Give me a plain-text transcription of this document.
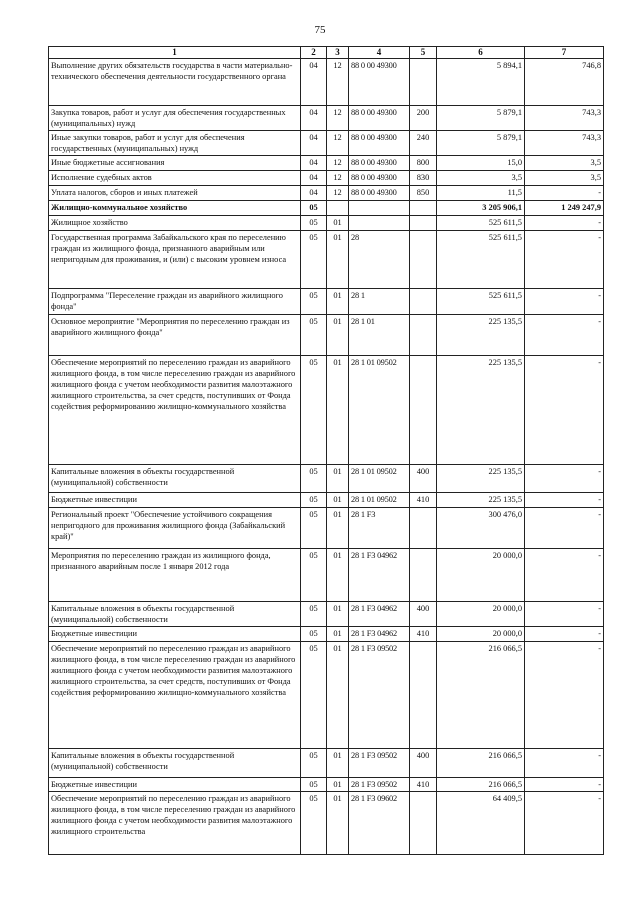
75
1	2	3	4	5	6	7
Выполнение других обязательств государства в части материально-технического обеспечения деятельности государственного органа	04	12	88 0 00 49300		5 894,1	746,8
Закупка товаров, работ и услуг для обеспечения государственных (муниципальных) нужд	04	12	88 0 00 49300	200	5 879,1	743,3
Иные закупки товаров, работ и услуг для обеспечения государственных (муниципальных) нужд	04	12	88 0 00 49300	240	5 879,1	743,3
Иные бюджетные ассигнования	04	12	88 0 00 49300	800	15,0	3,5
Исполнение судебных актов	04	12	88 0 00 49300	830	3,5	3,5
Уплата налогов, сборов и иных платежей	04	12	88 0 00 49300	850	11,5	-
Жилищно-коммунальное хозяйство	05				3 205 906,1	1 249 247,9
Жилищное хозяйство	05	01			525 611,5	-
Государственная программа Забайкальского края по переселению граждан из жилищного фонда, признанного аварийным или непригодным для проживания, и (или) с высоким уровнем износа	05	01	28		525 611,5	-
Подпрограмма "Переселение граждан из аварийного жилищного фонда"	05	01	28 1		525 611,5	-
Основное мероприятие "Мероприятия по переселению граждан из аварийного жилищного фонда"	05	01	28 1 01		225 135,5	-
Обеспечение мероприятий по переселению граждан из аварийного жилищного фонда, в том числе переселению граждан из аварийного жилищного фонда с учетом необходимости развития малоэтажного жилищного строительства, за счет средств, поступивших от Фонда содействия реформированию жилищно-коммунального хозяйства	05	01	28 1 01 09502		225 135,5	-
Капитальные вложения в объекты государственной (муниципальной) собственности	05	01	28 1 01 09502	400	225 135,5	-
Бюджетные инвестиции	05	01	28 1 01 09502	410	225 135,5	-
Региональный проект "Обеспечение устойчивого сокращения непригодного для проживания жилищного фонда (Забайкальский край)"	05	01	28 1 F3		300 476,0	-
Мероприятия по переселению граждан из жилищного фонда, признанного аварийным после 1 января 2012 года	05	01	28 1 F3 04962		20 000,0	-
Капитальные вложения в объекты государственной (муниципальной) собственности	05	01	28 1 F3 04962	400	20 000,0	-
Бюджетные инвестиции	05	01	28 1 F3 04962	410	20 000,0	-
Обеспечение мероприятий по переселению граждан из аварийного жилищного фонда, в том числе переселению граждан из аварийного жилищного фонда с учетом необходимости развития малоэтажного жилищного строительства, за счет средств, поступивших от Фонда содействия реформированию жилищно-коммунального хозяйства	05	01	28 1 F3 09502		216 066,5	-
Капитальные вложения в объекты государственной (муниципальной) собственности	05	01	28 1 F3 09502	400	216 066,5	-
Бюджетные инвестиции	05	01	28 1 F3 09502	410	216 066,5	-
Обеспечение мероприятий по переселению граждан из аварийного жилищного фонда, в том числе переселению граждан из аварийного жилищного фонда с учетом необходимости развития малоэтажного жилищного строительства	05	01	28 1 F3 09602		64 409,5	-
